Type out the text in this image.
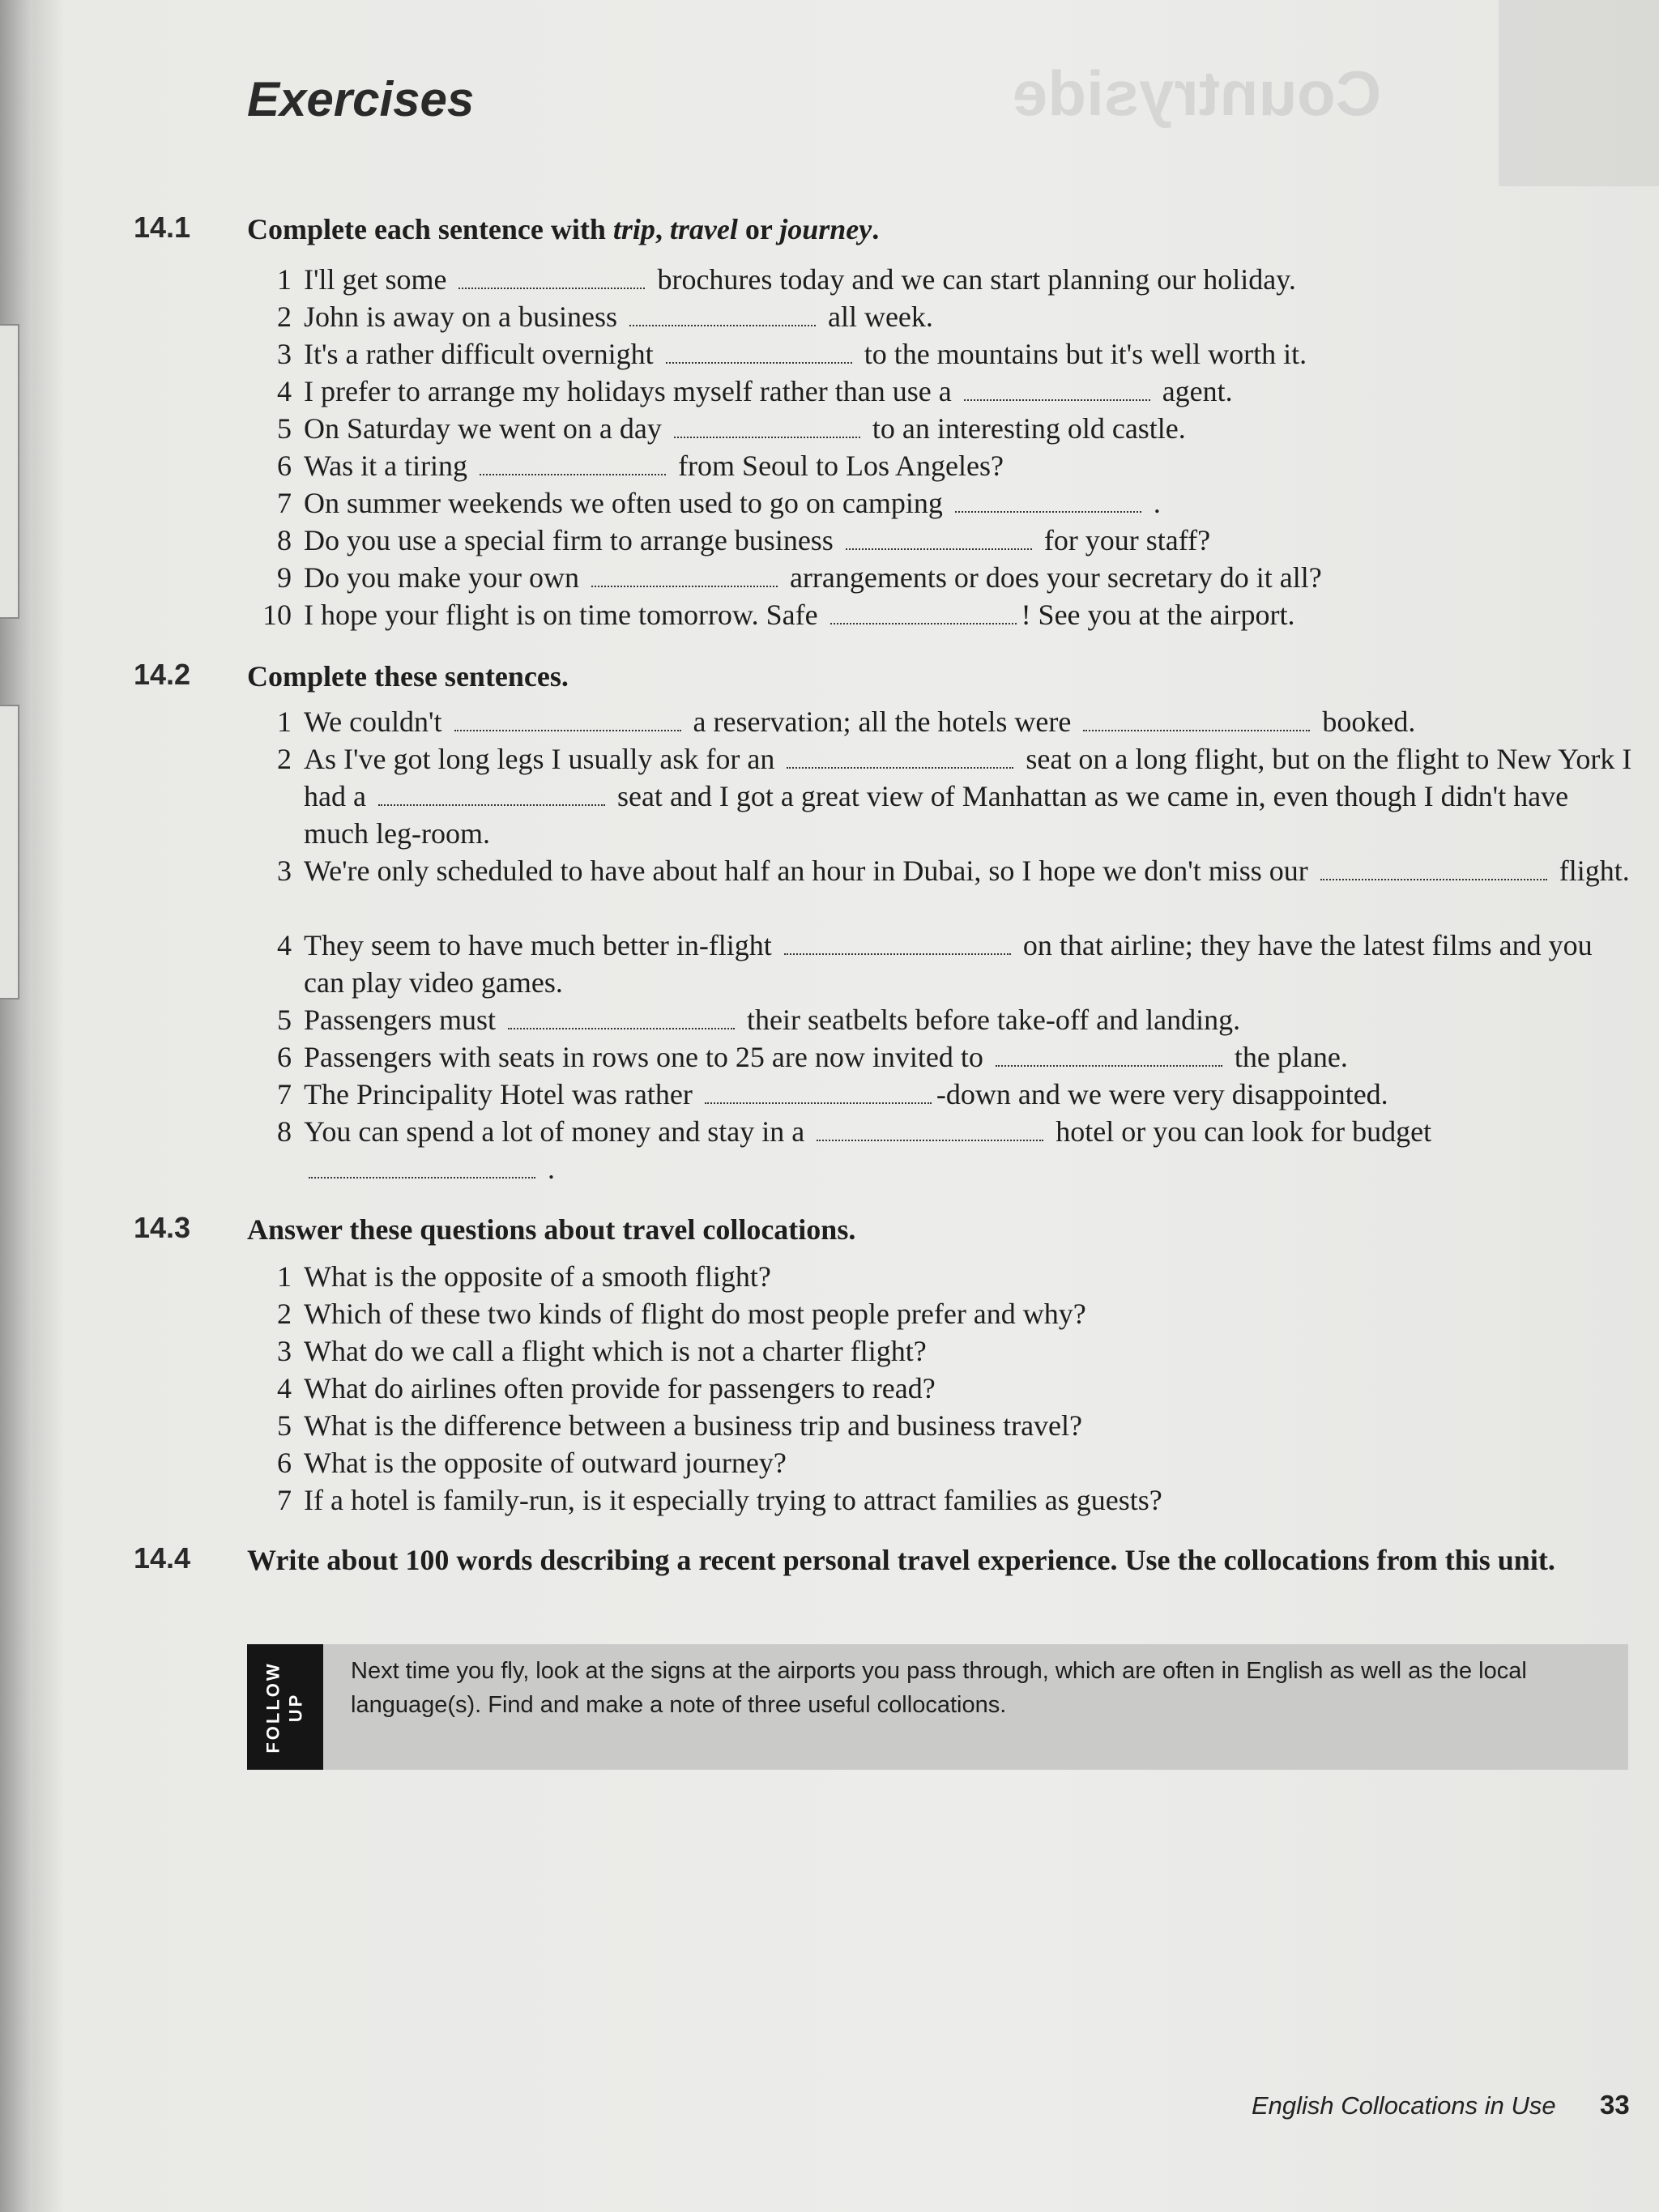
Countryside
Exercises
14.1 Complete each sentence with trip, travel or journey.

1 I'll get some	brochures today and we can start planning our holiday.
2 John is away on a business	all week.
3 It's a rather difficult overnight	to the mountains but it's well worth it.
4 I prefer to arrange my holidays myself rather than use a	agent.
5 On Saturday we went on a day	to an interesting old castle.
6 Was it a tiring	from Seoul to Los Angeles?
7 On summer weekends we often used to go on camping	.
8 Do you use a special firm to arrange business	for your staff?
9 Do you make your own	arrangements or does your secretary do it all?
10 I hope your flight is on time tomorrow. Safe	! See you at the airport.
14.2 Complete these sentences.

1 We couldn't	a reservation; all the hotels were	booked.
2 As I've got long legs I usually ask for an	seat on a long flight, but on the flight to New York I had a	seat and I got a great view of Manhattan as we came in, even though I didn't have much leg-room.
3 We're only scheduled to have about half an hour in Dubai, so I hope we don't miss our	flight.
4 They seem to have much better in-flight	on that airline; they have the latest films and you can play video games.
5 Passengers must	their seatbelts before take-off and landing.
6 Passengers with seats in rows one to 25 are now invited to	the plane.
7 The Principality Hotel was rather	-down and we were very disappointed.
8 You can spend a lot of money and stay in a	hotel or you can look for budget  .
14.3 Answer these questions about travel collocations.

1 What is the opposite of a smooth flight?
2 Which of these two kinds of flight do most people prefer and why?
3 What do we call a flight which is not a charter flight?
4 What do airlines often provide for passengers to read?
5 What is the difference between a business trip and business travel?
6 What is the opposite of outward journey?
7 If a hotel is family-run, is it especially trying to attract families as guests?
14.4 Write about 100 words describing a recent personal travel experience. Use the collocations from this unit.

FOLLOW
UP
Next time you fly, look at the signs at the airports you pass through, which are often in English as well as the local language(s). Find and make a note of three useful collocations.
English Collocations in Use 33
